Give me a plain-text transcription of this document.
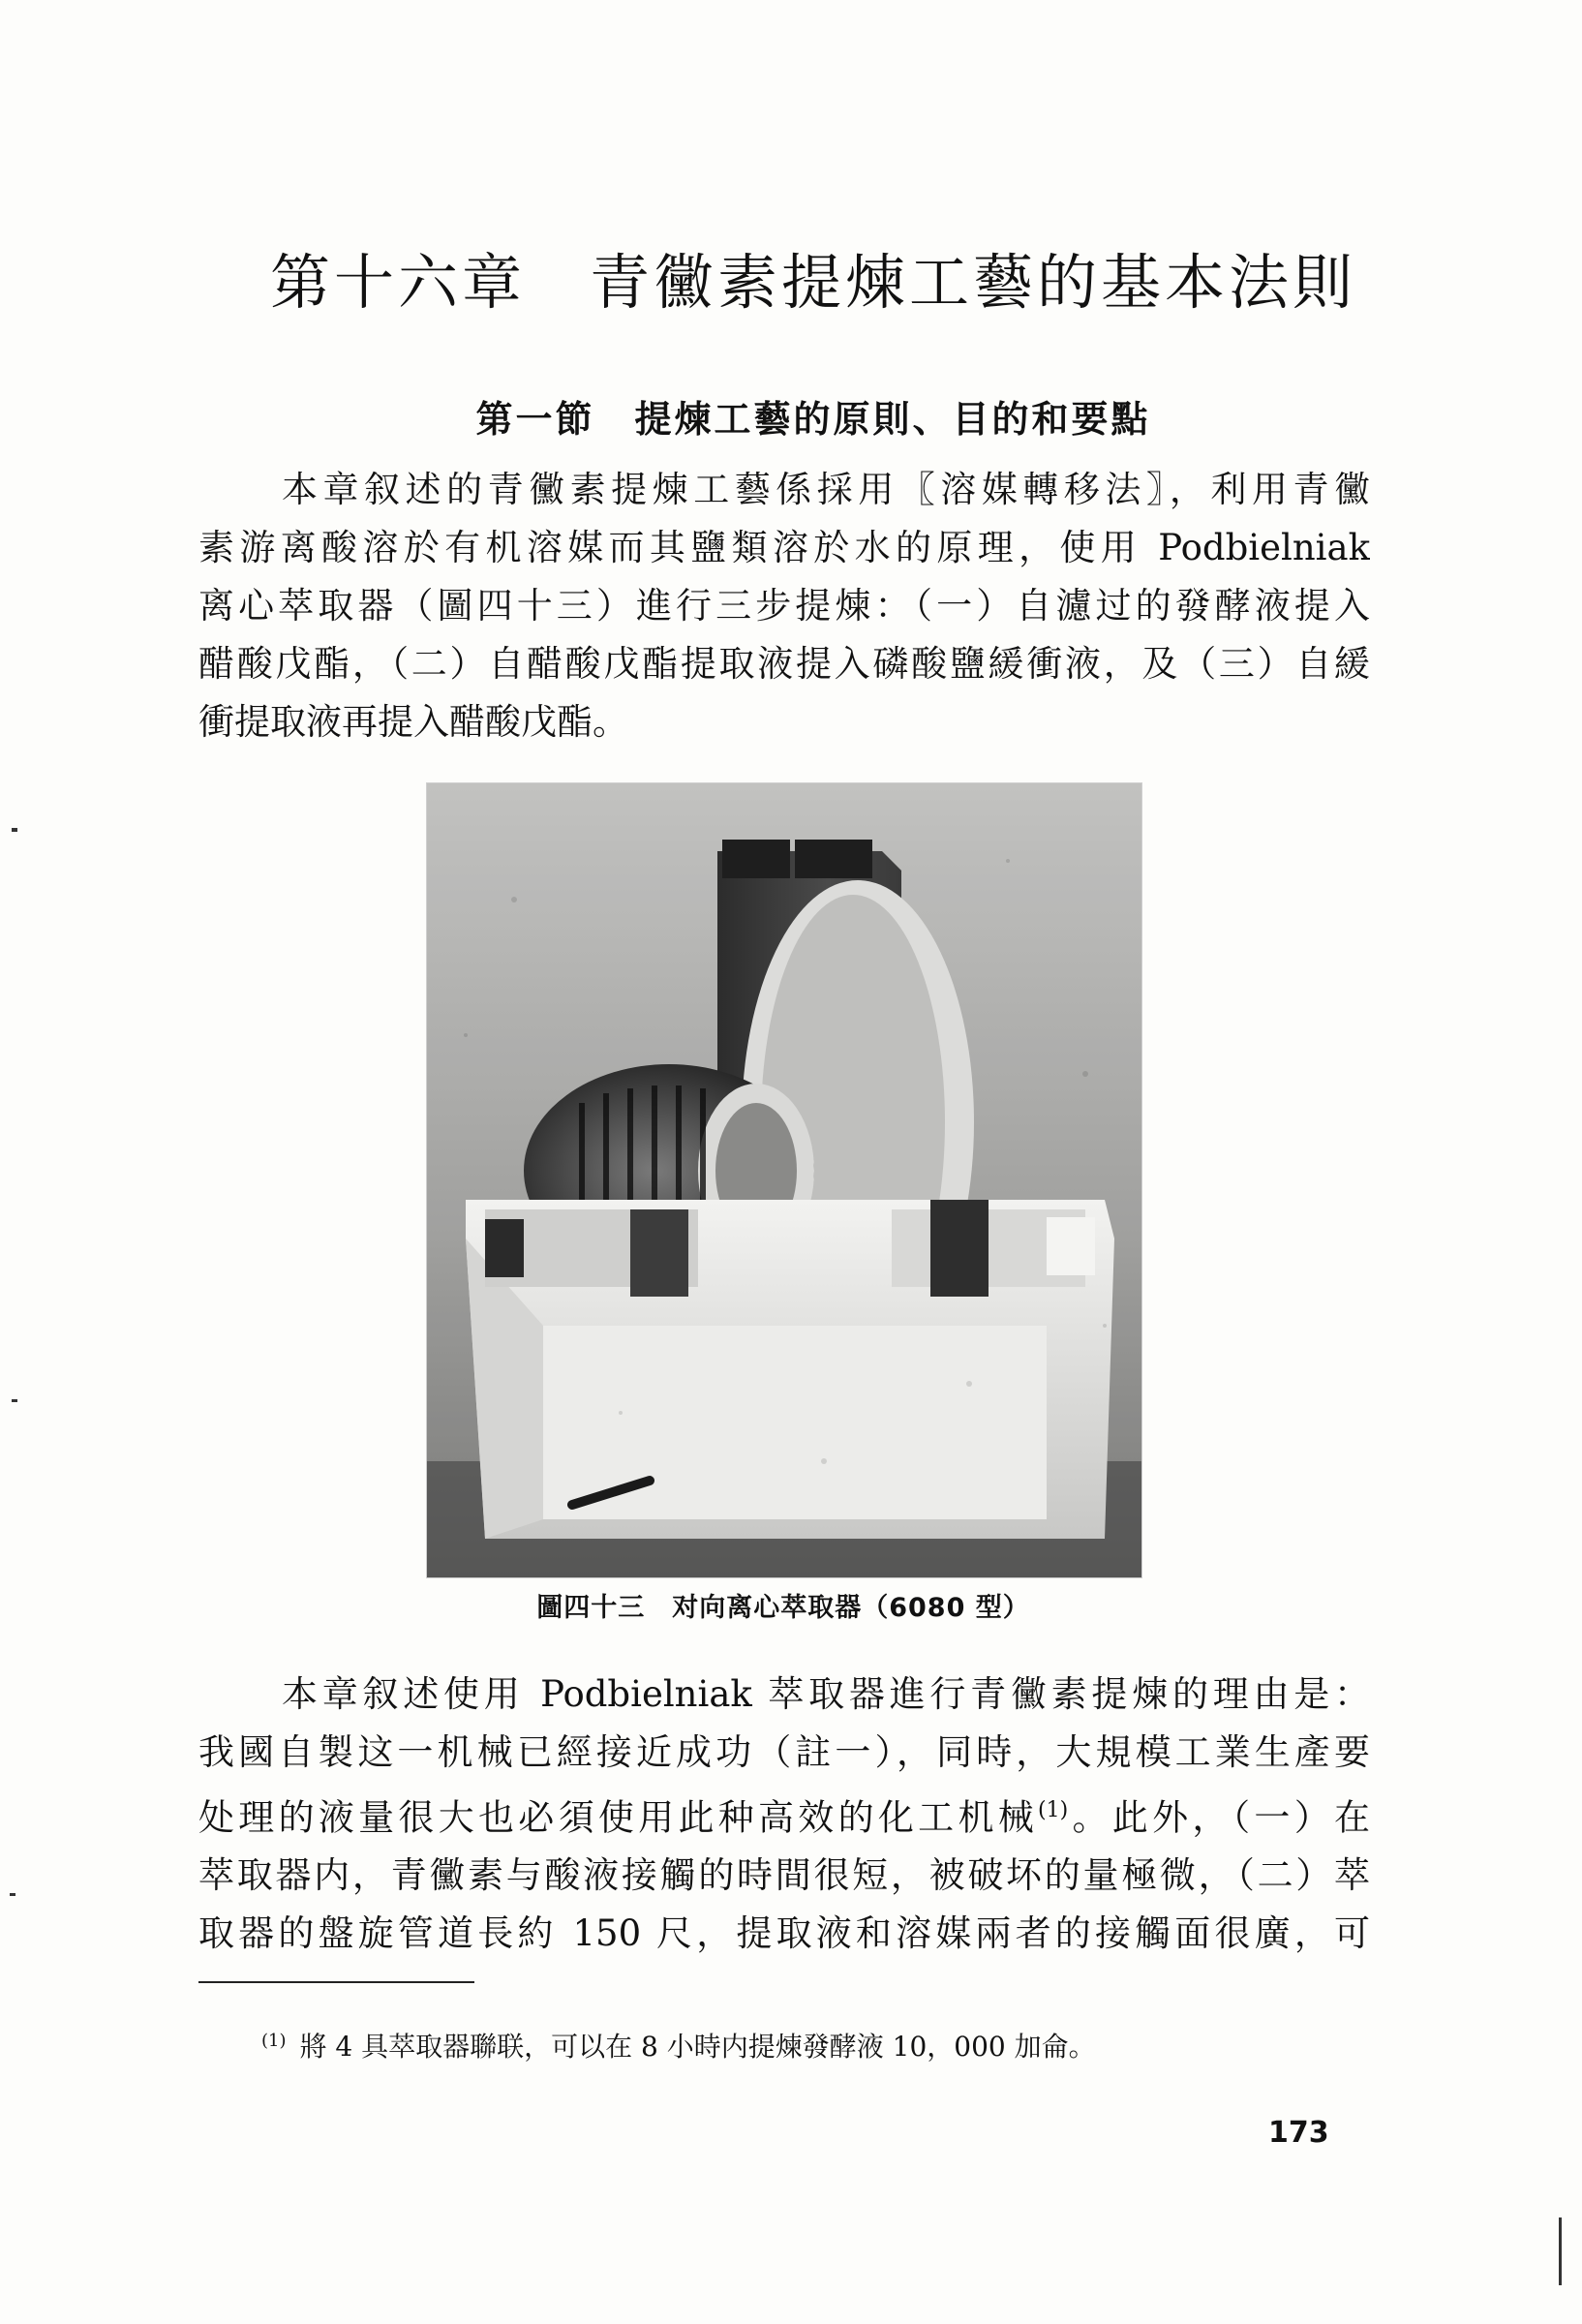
第十六章　青黴素提煉工藝的基本法則
第一節　提煉工藝的原則、目的和要點
本章叙述的青黴素提煉工藝係採用〖溶媒轉移法〗，利用青黴
素游离酸溶於有机溶媒而其鹽類溶於水的原理，使用 Podbielniak
离心萃取器（圖四十三）進行三步提煉：（一）自濾过的發酵液提入
醋酸戊酯，（二）自醋酸戊酯提取液提入磷酸鹽緩衝液，及（三）自緩
衝提取液再提入醋酸戊酯。
圖四十三　对向离心萃取器（6080 型）
本章叙述使用 Podbielniak 萃取器進行青黴素提煉的理由是：
我國自製这一机械已經接近成功（註一），同時，大規模工業生產要
处理的液量很大也必須使用此种高效的化工机械$^{(1)}$。此外，（一）在
萃取器内，青黴素与酸液接觸的時間很短，被破坏的量極微，（二）萃
取器的盤旋管道長約 150 尺，提取液和溶媒兩者的接觸面很廣，可
$^{(1)}$ 將 4 具萃取器聯联，可以在 8 小時内提煉發酵液 10，000 加侖。
173
